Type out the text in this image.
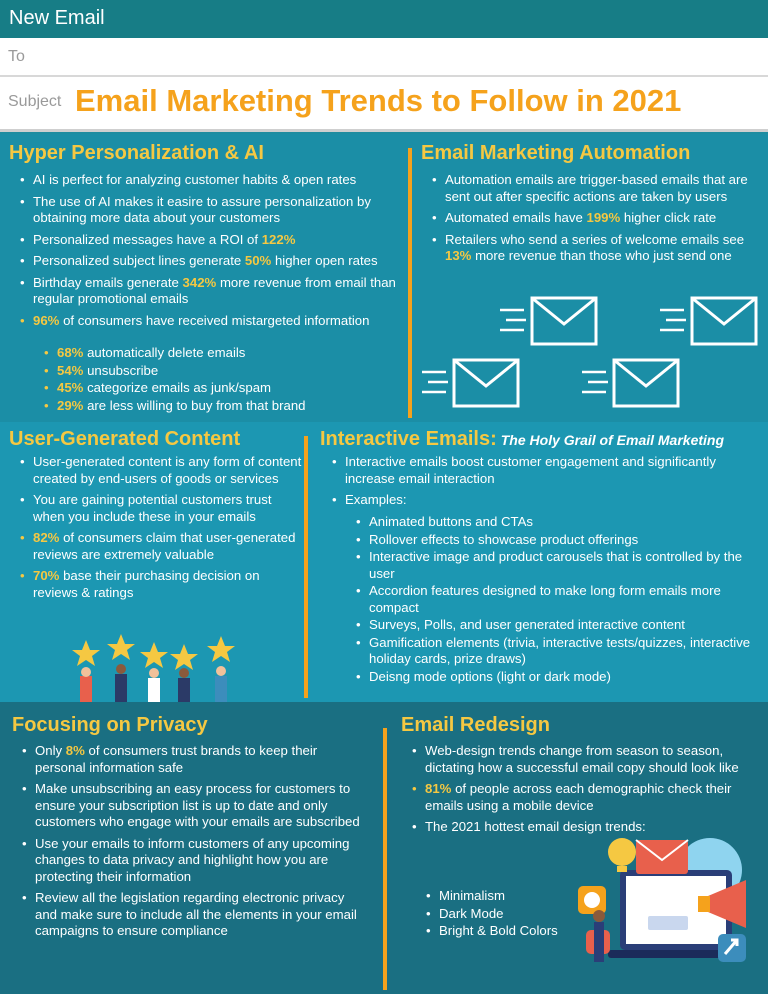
New Email
To
Subject Email Marketing Trends to Follow in 2021
Hyper Personalization & AI
• AI is perfect for analyzing customer habits & open rates
• The use of AI makes it easire to assure personalization by obtaining more data about your customers
• Personalized messages have a ROI of 122%
• Personalized subject lines generate 50% higher open rates
• Birthday emails generate 342% more revenue from email than regular promotional emails
• 96% of consumers have received mistargeted information
• 68% automatically delete emails
• 54% unsubscribe
• 45% categorize emails as junk/spam
• 29% are less willing to buy from that brand
Email Marketing Automation
• Automation emails are trigger-based emails that are sent out after specific actions are taken by users
• Automated emails have 199% higher click rate
• Retailers who send a series of welcome emails see 13% more revenue than those who just send one
User-Generated Content
• User-generated content is any form of content created by end-users of goods or services
• You are gaining potential customers trust when you include these in your emails
• 82% of consumers claim that user-generated reviews are extremely valuable
• 70% base their purchasing decision on reviews & ratings
Interactive Emails: The Holy Grail of Email Marketing
• Interactive emails boost customer engagement and significantly increase email interaction
• Examples:
• Animated buttons and CTAs
• Rollover effects to showcase product offerings
• Interactive image and product carousels that is controlled by the user
• Accordion features designed to make long form emails more compact
• Surveys, Polls, and user generated interactive content
• Gamification elements (trivia, interactive tests/quizzes, interactive holiday cards, prize draws)
• Deisng mode options (light or dark mode)
Focusing on Privacy
• Only 8% of consumers trust brands to keep their personal information safe
• Make unsubscribing an easy process for customers to ensure your subscription list is up to date and only customers who engage with your emails are subscribed
• Use your emails to inform customers of any upcoming changes to data privacy and highlight how you are protecting their information
• Review all the legislation regarding electronic privacy and make sure to include all the elements in your email campaigns to ensure compliance
Email Redesign
• Web-design trends change from season to season, dictating how a successful email copy should look like
• 81% of people across each demographic check their emails using a mobile device
• The 2021 hottest email design trends:
• Minimalism
• Dark Mode
• Bright & Bold Colors
